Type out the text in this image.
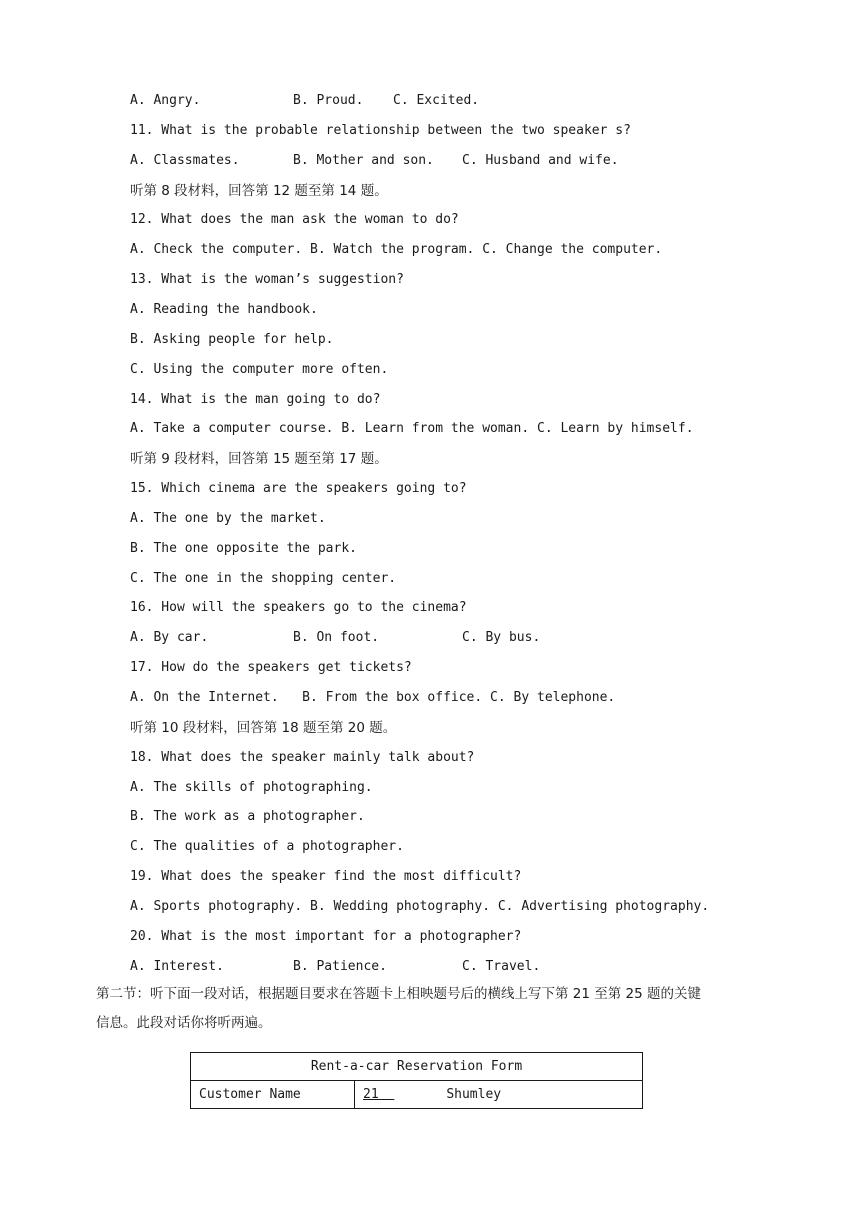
A. Angry.	B. Proud. C. Excited.
11. What is the probable relationship between the two speaker s?
A. Classmates.	B. Mother and son. C. Husband and wife.
听第 8 段材料，回答第 12 题至第 14 题。
12. What does the man ask the woman to do?
A. Check the computer. B. Watch the program. C. Change the computer.
13. What is the woman’s suggestion?
A. Reading the handbook.
B. Asking people for help.
C. Using the computer more often.
14. What is the man going to do?
A. Take a computer course. B. Learn from the woman. C. Learn by himself.
听第 9 段材料，回答第 15 题至第 17 题。
15. Which cinema are the speakers going to?
A. The one by the market.
B. The one opposite the park.
C. The one in the shopping center.
16. How will the speakers go to the cinema?
A. By car.	B. On foot.	C. By bus.
17. How do the speakers get tickets?
A. On the Internet.   B. From the box office. C. By telephone.
听第 10 段材料，回答第 18 题至第 20 题。
18. What does the speaker mainly talk about?
A. The skills of photographing.
B. The work as a photographer.
C. The qualities of a photographer.
19. What does the speaker find the most difficult?
A. Sports photography. B. Wedding photography. C. Advertising photography.
20. What is the most important for a photographer?
A. Interest.	B. Patience.	C. Travel.
第二节：听下面一段对话，根据题目要求在答题卡上相映题号后的横线上写下第 21 至第 25 题的关键
信息。此段对话你将听两遍。
Rent-a-car Reservation Form
Customer Name	21	Shumley
